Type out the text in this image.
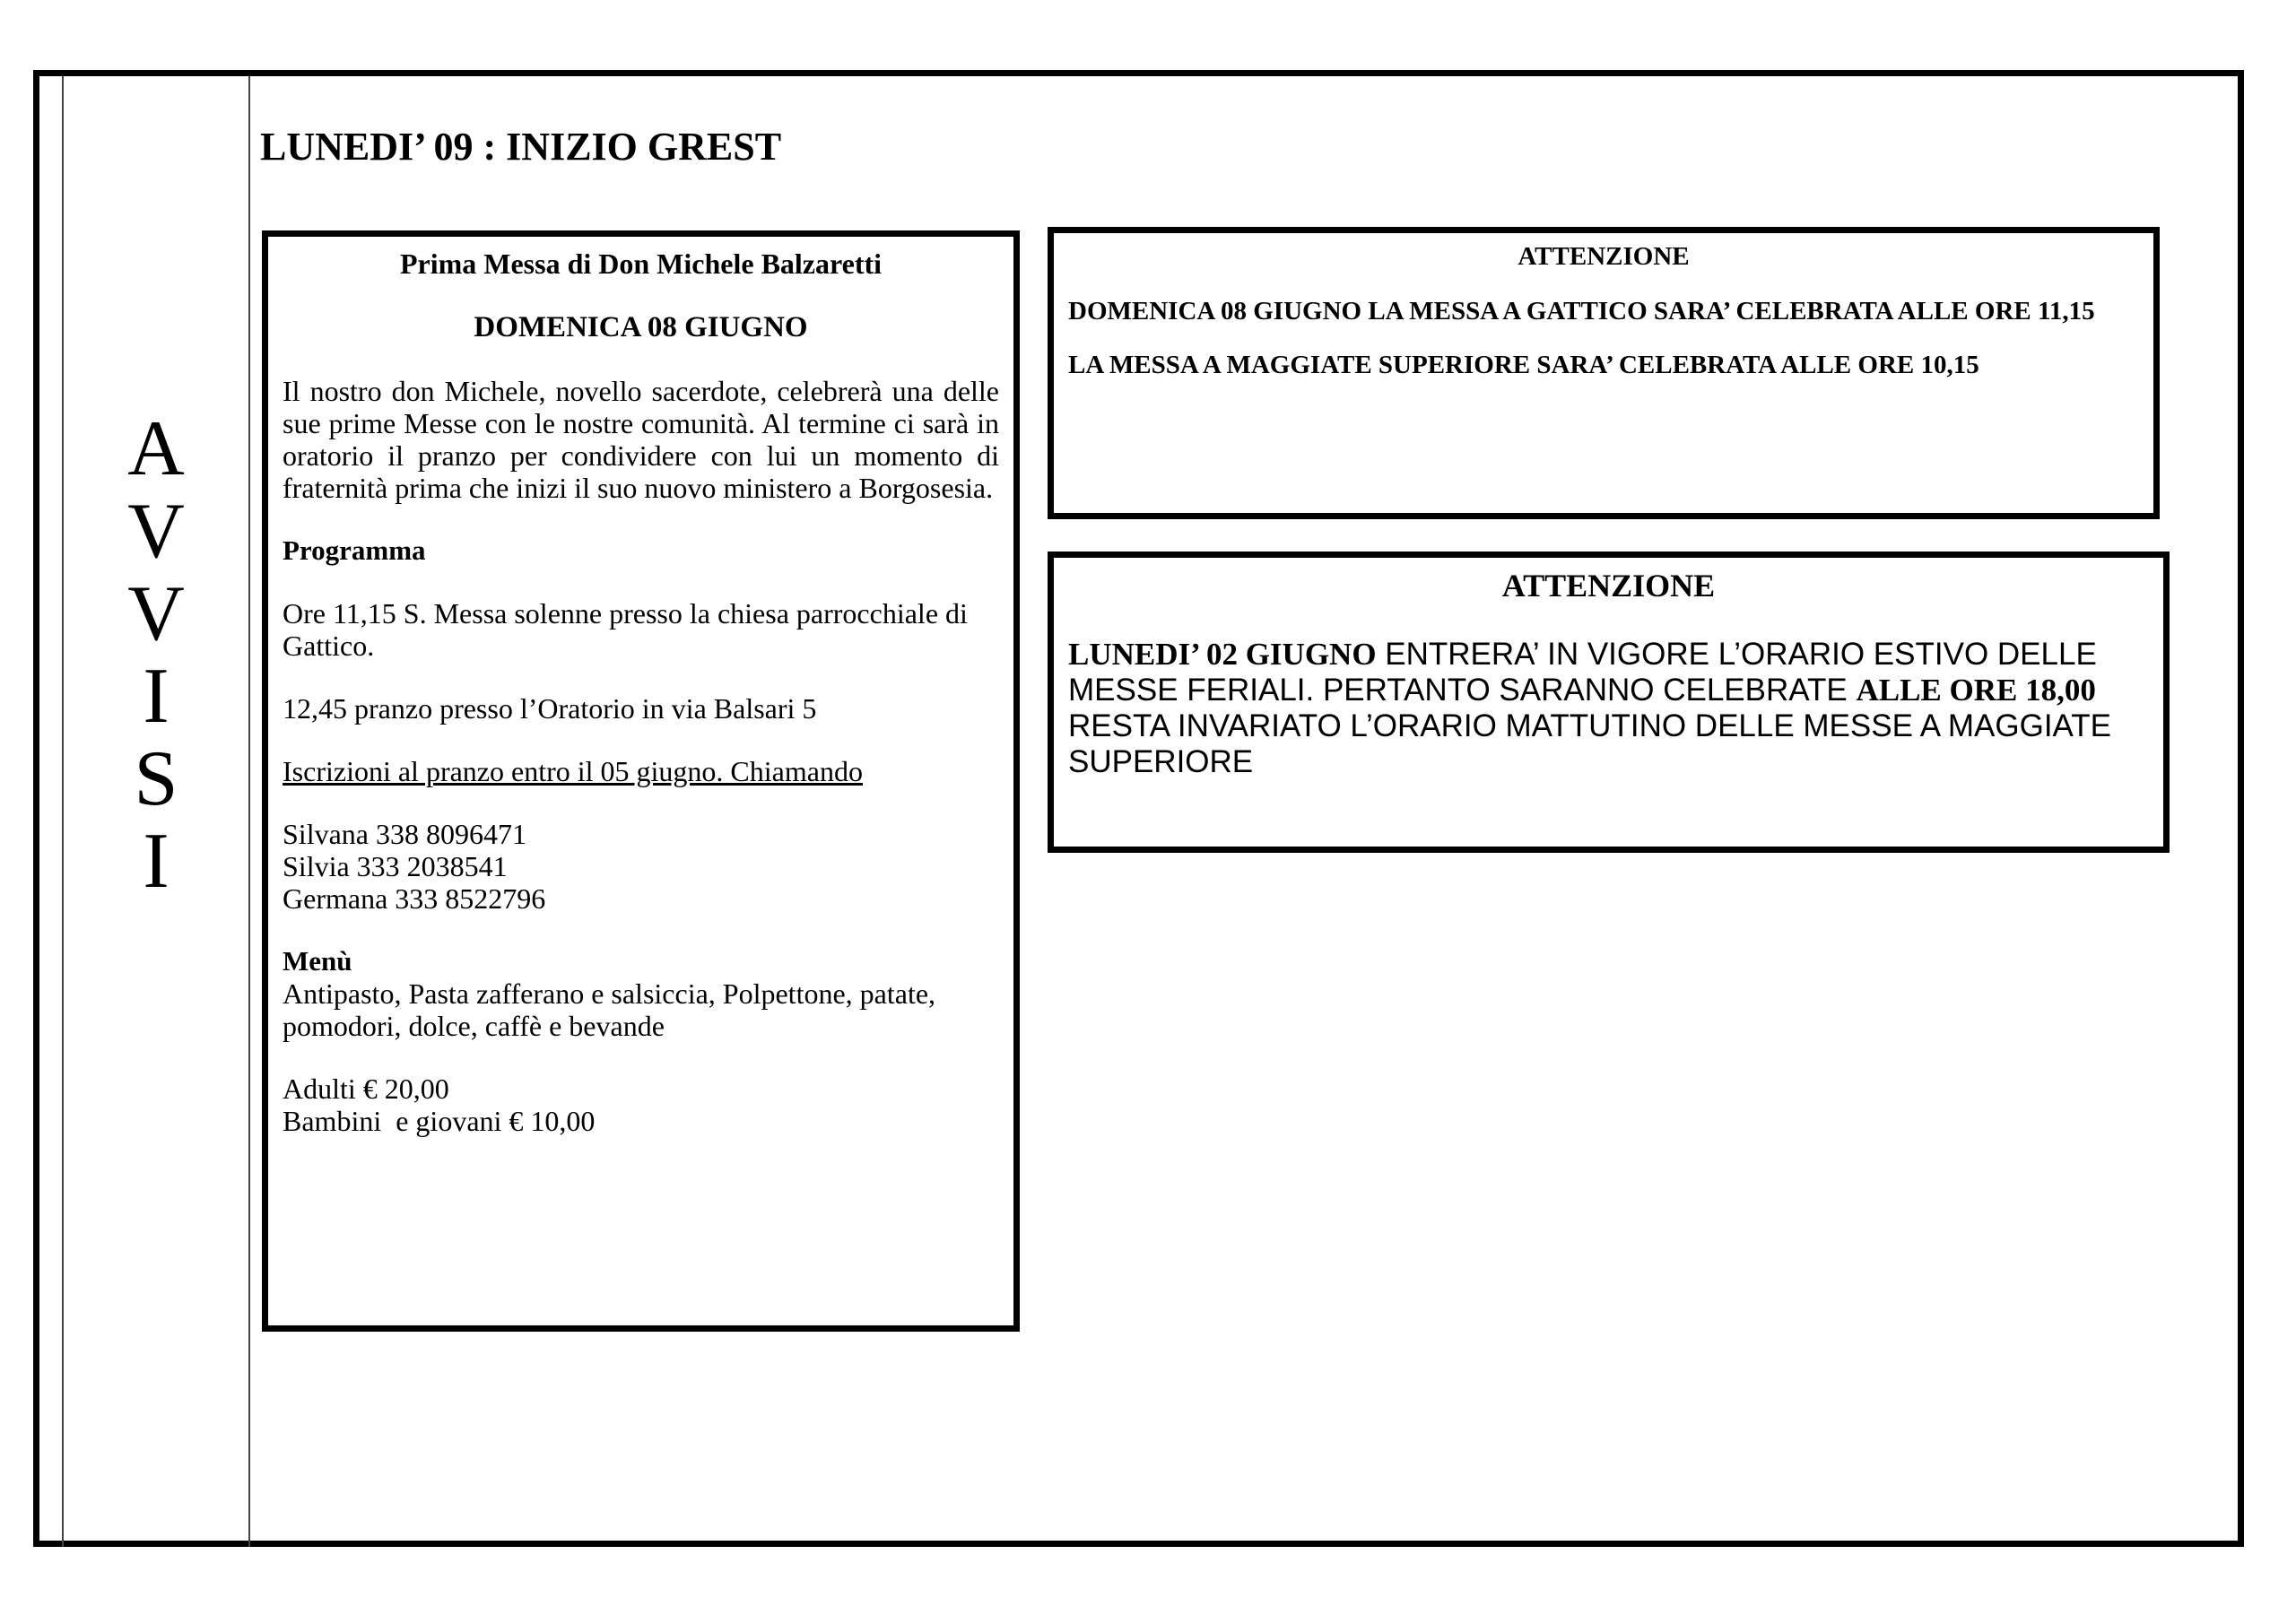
A
V
V
I
S
I
LUNEDI’ 09 : INIZIO GREST

Prima Messa di Don Michele Balzaretti

DOMENICA 08 GIUGNO

Il nostro don Michele, novello sacerdote, celebrerà una delle sue prime Messe con le nostre comunità. Al termine ci sarà in oratorio il pranzo per condividere con lui un momento di fraternità prima che inizi il suo nuovo ministero a Borgosesia.

Programma

Ore 11,15 S. Messa solenne presso la chiesa parrocchiale di Gattico.

12,45 pranzo presso l’Oratorio in via Balsari 5

Iscrizioni al pranzo entro il 05 giugno. Chiamando

Silvana 338 8096471
Silvia 333 2038541
Germana 333 8522796

Menù

Antipasto, Pasta zafferano e salsiccia, Polpettone, patate, pomodori, dolce, caffè e bevande

Adulti € 20,00
Bambini  e giovani € 10,00

ATTENZIONE

DOMENICA 08 GIUGNO LA MESSA A GATTICO SARA’ CELEBRATA ALLE ORE 11,15

LA MESSA A MAGGIATE SUPERIORE SARA’ CELEBRATA ALLE ORE 10,15

ATTENZIONE

LUNEDI’ 02 GIUGNO ENTRERA’ IN VIGORE L’ORARIO ESTIVO DELLE MESSE FERIALI. PERTANTO SARANNO CELEBRATE ALLE ORE 18,00 RESTA INVARIATO L’ORARIO MATTUTINO DELLE MESSE A MAGGIATE SUPERIORE
